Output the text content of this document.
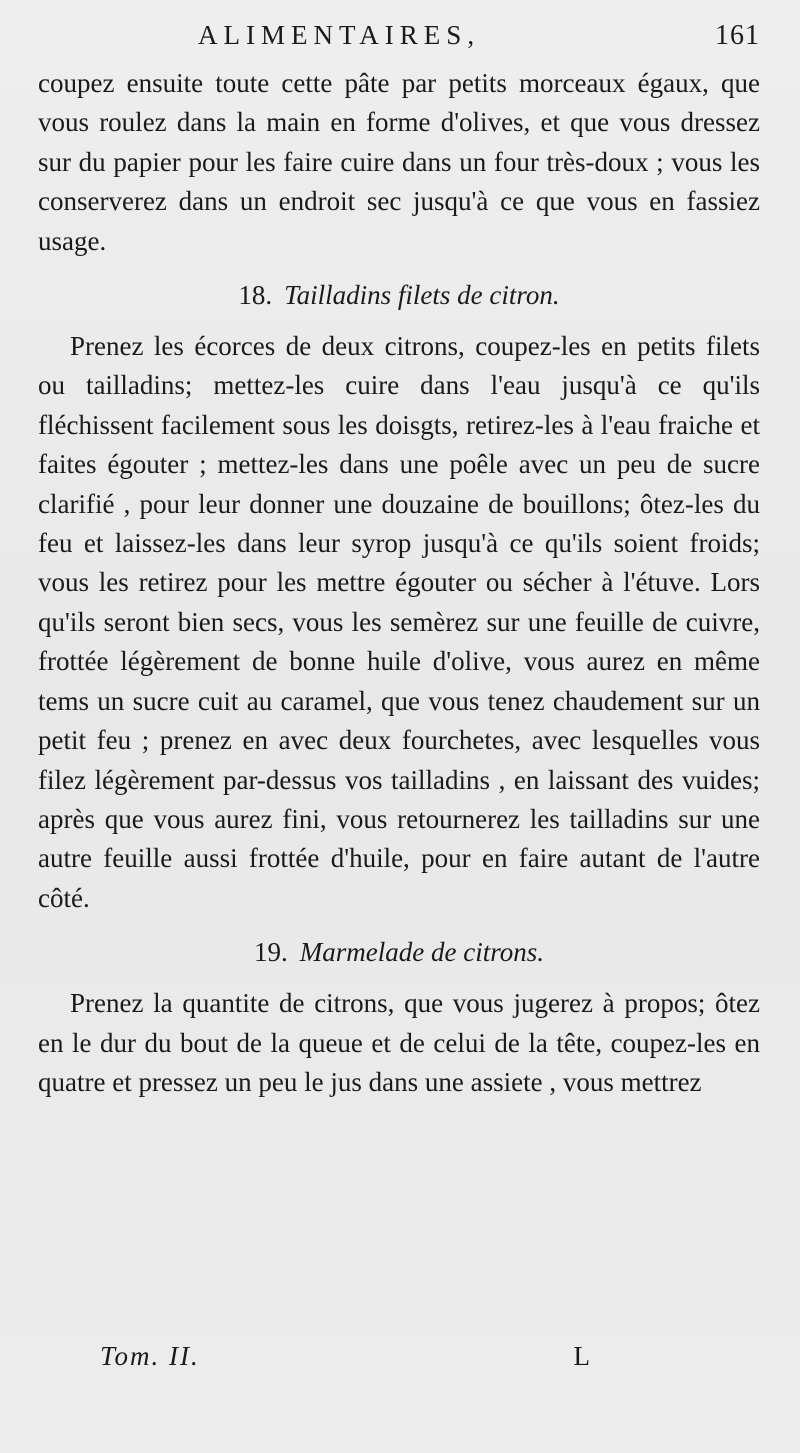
ALIMENTAIRES,	161

coupez ensuite toute cette pâte par petits morceaux égaux, que vous roulez dans la main en forme d'olives, et que vous dressez sur du papier pour les faire cuire dans un four très-doux ; vous les conserverez dans un endroit sec jusqu'à ce que vous en fassiez usage.

18. Tailladins filets de citron.

Prenez les écorces de deux citrons, coupez-les en petits filets ou tailladins; mettez-les cuire dans l'eau jusqu'à ce qu'ils fléchissent facilement sous les doisgts, retirez-les à l'eau fraiche et faites égouter ; mettez-les dans une poêle avec un peu de sucre clarifié , pour leur donner une douzaine de bouillons; ôtez-les du feu et laissez-les dans leur syrop jusqu'à ce qu'ils soient froids; vous les retirez pour les mettre égouter ou sécher à l'étuve. Lors qu'ils seront bien secs, vous les semèrez sur une feuille de cuivre, frottée légèrement de bonne huile d'olive, vous aurez en même tems un sucre cuit au caramel, que vous tenez chaudement sur un petit feu ; prenez en avec deux fourchetes, avec lesquelles vous filez légèrement par-dessus vos tailladins , en laissant des vuides; après que vous aurez fini, vous retournerez les tailladins sur une autre feuille aussi frottée d'huile, pour en faire autant de l'autre côté.

19. Marmelade de citrons.

Prenez la quantite de citrons, que vous jugerez à propos; ôtez en le dur du bout de la queue et de celui de la tête, coupez-les en quatre et pressez un peu le jus dans une assiete , vous mettrez

Tom. II.	L
